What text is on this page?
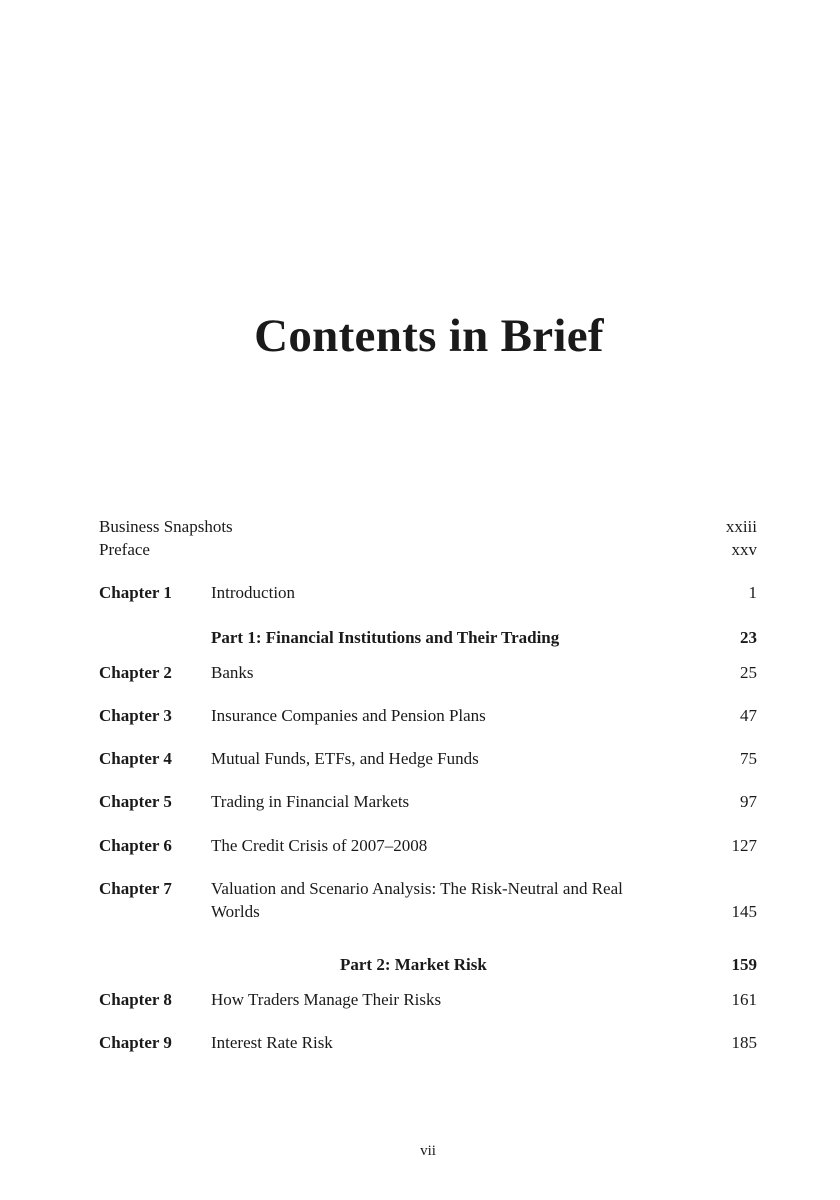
Contents in Brief
Business Snapshots	xxiii
Preface	xxv
Chapter 1 Introduction	1
Part 1: Financial Institutions and Their Trading	23
Chapter 2 Banks	25
Chapter 3 Insurance Companies and Pension Plans	47
Chapter 4 Mutual Funds, ETFs, and Hedge Funds	75
Chapter 5 Trading in Financial Markets	97
Chapter 6 The Credit Crisis of 2007–2008	127
Chapter 7 Valuation and Scenario Analysis: The Risk-Neutral and Real
Worlds	145
Part 2: Market Risk	159
Chapter 8 How Traders Manage Their Risks	161
Chapter 9 Interest Rate Risk	185
vii
